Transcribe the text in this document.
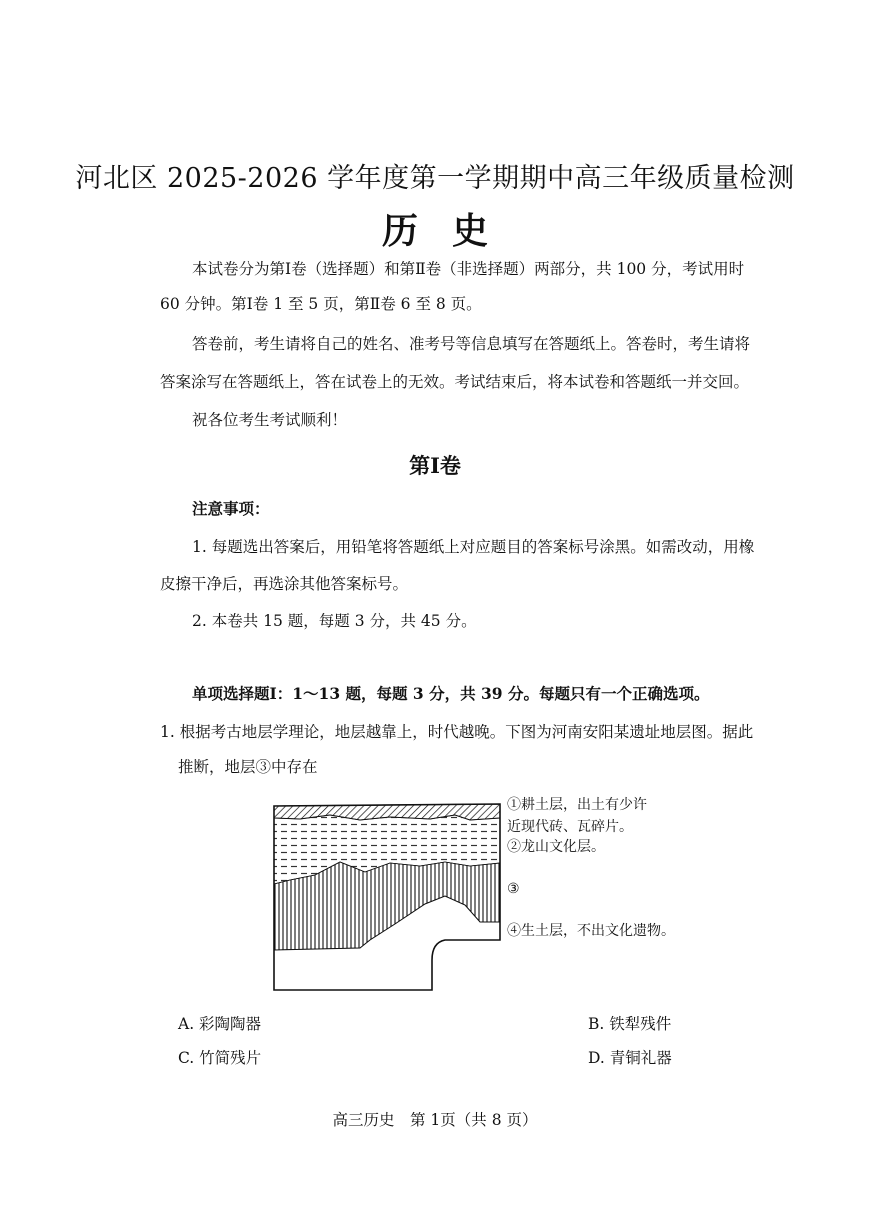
河北区 2025-2026 学年度第一学期期中高三年级质量检测
历史
本试卷分为第Ⅰ卷（选择题）和第Ⅱ卷（非选择题）两部分，共 100 分，考试用时
60 分钟。第Ⅰ卷 1 至 5 页，第Ⅱ卷 6 至 8 页。
答卷前，考生请将自己的姓名、准考号等信息填写在答题纸上。答卷时，考生请将
答案涂写在答题纸上，答在试卷上的无效。考试结束后，将本试卷和答题纸一并交回。
祝各位考生考试顺利！
第Ⅰ卷
注意事项：
1. 每题选出答案后，用铅笔将答题纸上对应题目的答案标号涂黑。如需改动，用橡
皮擦干净后，再选涂其他答案标号。
2. 本卷共 15 题，每题 3 分，共 45 分。
单项选择题Ⅰ：1～13 题，每题 3 分，共 39 分。每题只有一个正确选项。
1. 根据考古地层学理论，地层越靠上，时代越晚。下图为河南安阳某遗址地层图。据此
推断，地层③中存在
①耕土层，出土有少许
近现代砖、瓦碎片。
②龙山文化层。
③
④生土层，不出文化遗物。
A. 彩陶陶器	B. 铁犁残件
C. 竹简残片	D. 青铜礼器
高三历史　第 1页（共 8 页）
